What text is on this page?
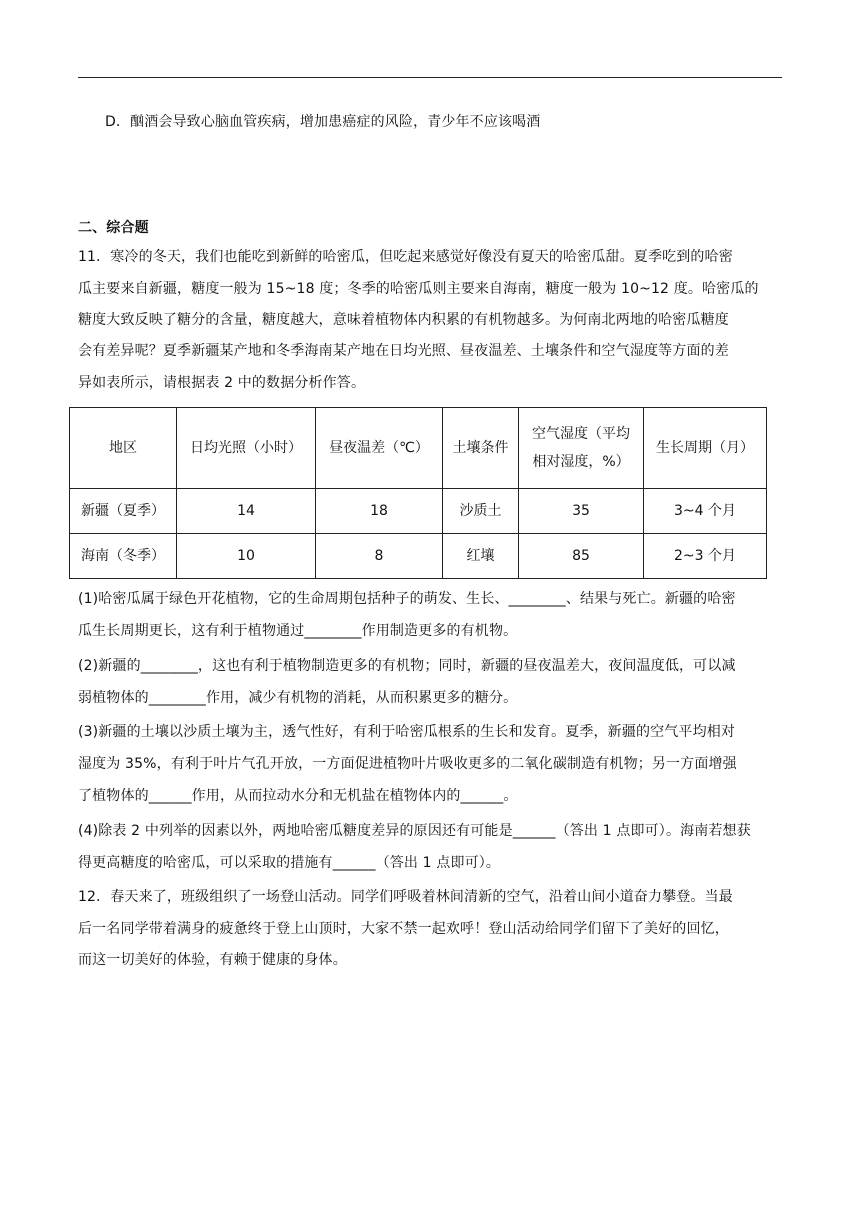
D．酗酒会导致心脑血管疾病，增加患癌症的风险，青少年不应该喝酒
二、综合题
11．寒冷的冬天，我们也能吃到新鲜的哈密瓜，但吃起来感觉好像没有夏天的哈密瓜甜。夏季吃到的哈密
瓜主要来自新疆，糖度一般为 15~18 度；冬季的哈密瓜则主要来自海南，糖度一般为 10~12 度。哈密瓜的
糖度大致反映了糖分的含量，糖度越大，意味着植物体内积累的有机物越多。为何南北两地的哈密瓜糖度
会有差异呢？夏季新疆某产地和冬季海南某产地在日均光照、昼夜温差、土壤条件和空气湿度等方面的差
异如表所示，请根据表 2 中的数据分析作答。
地区	日均光照（小时）	昼夜温差（℃）	土壤条件	空气湿度（平均
相对湿度，%）	生长周期（月）
新疆（夏季）	14	18	沙质土	35	3~4 个月
海南（冬季）	10	8	红壤	85	2~3 个月
(1)哈密瓜属于绿色开花植物，它的生命周期包括种子的萌发、生长、________、结果与死亡。新疆的哈密
瓜生长周期更长，这有利于植物通过________作用制造更多的有机物。
(2)新疆的________，这也有利于植物制造更多的有机物；同时，新疆的昼夜温差大，夜间温度低，可以减
弱植物体的________作用，减少有机物的消耗，从而积累更多的糖分。
(3)新疆的土壤以沙质土壤为主，透气性好，有利于哈密瓜根系的生长和发育。夏季，新疆的空气平均相对
湿度为 35%，有利于叶片气孔开放，一方面促进植物叶片吸收更多的二氧化碳制造有机物；另一方面增强
了植物体的______作用，从而拉动水分和无机盐在植物体内的______。
(4)除表 2 中列举的因素以外，两地哈密瓜糖度差异的原因还有可能是______（答出 1 点即可）。海南若想获
得更高糖度的哈密瓜，可以采取的措施有______（答出 1 点即可）。
12．春天来了，班级组织了一场登山活动。同学们呼吸着林间清新的空气，沿着山间小道奋力攀登。当最
后一名同学带着满身的疲惫终于登上山顶时，大家不禁一起欢呼！登山活动给同学们留下了美好的回忆，
而这一切美好的体验，有赖于健康的身体。
